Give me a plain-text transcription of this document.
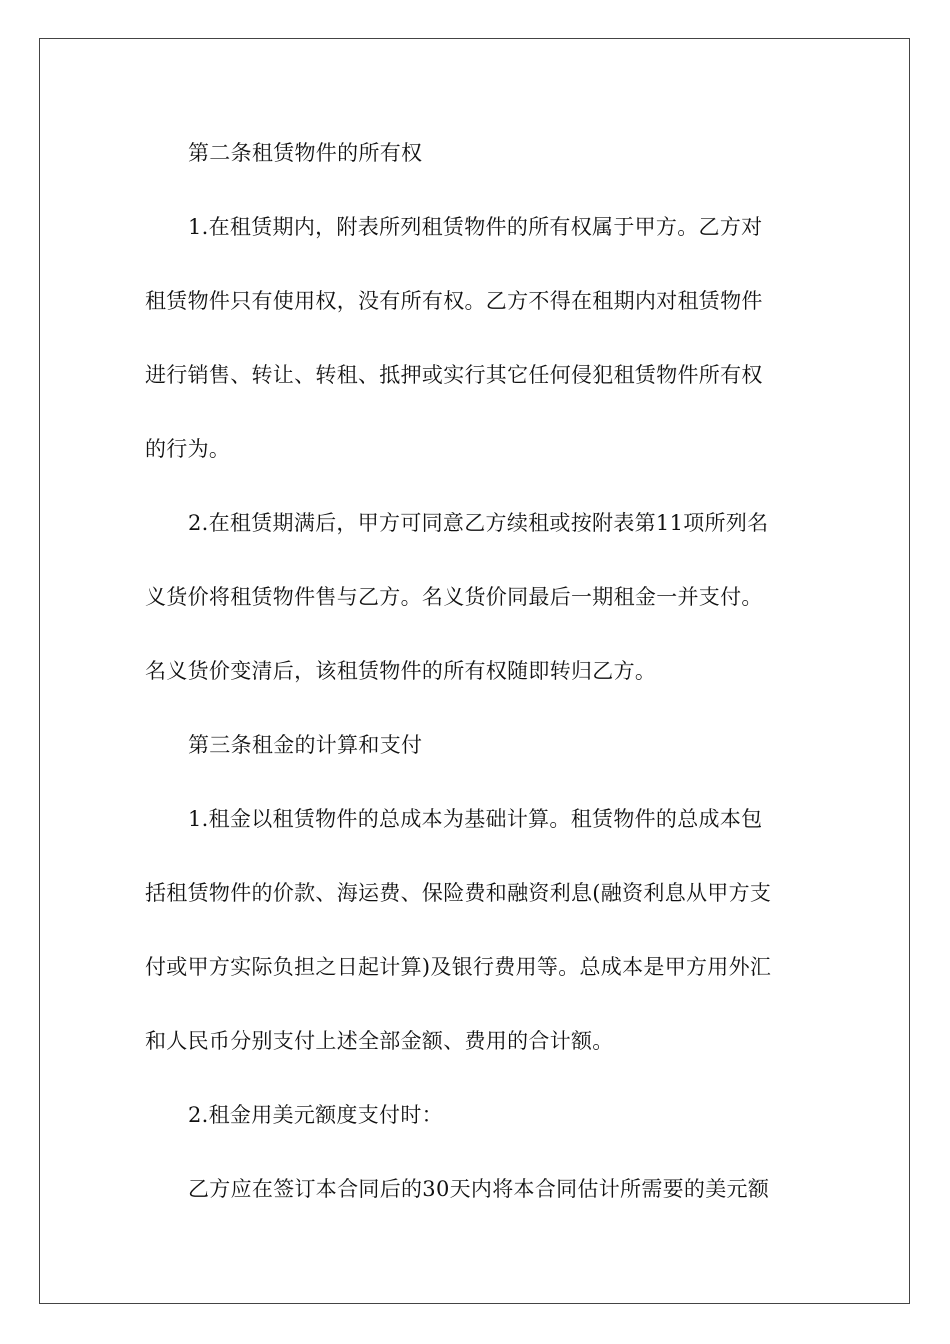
第二条租赁物件的所有权
1.在租赁期内，附表所列租赁物件的所有权属于甲方。乙方对
租赁物件只有使用权，没有所有权。乙方不得在租期内对租赁物件
进行销售、转让、转租、抵押或实行其它任何侵犯租赁物件所有权
的行为。
2.在租赁期满后，甲方可同意乙方续租或按附表第11项所列名
义货价将租赁物件售与乙方。名义货价同最后一期租金一并支付。
名义货价变清后，该租赁物件的所有权随即转归乙方。
第三条租金的计算和支付
1.租金以租赁物件的总成本为基础计算。租赁物件的总成本包
括租赁物件的价款、海运费、保险费和融资利息(融资利息从甲方支
付或甲方实际负担之日起计算)及银行费用等。总成本是甲方用外汇
和人民币分别支付上述全部金额、费用的合计额。
2.租金用美元额度支付时：
乙方应在签订本合同后的30天内将本合同估计所需要的美元额
